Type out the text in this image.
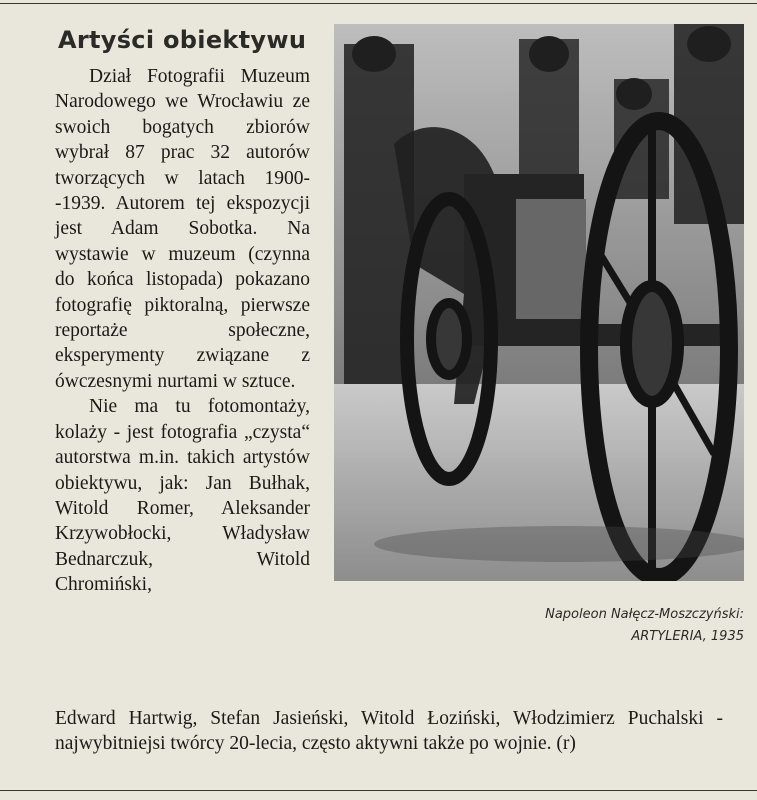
Artyści obiektywu

Dział Fotografii Muzeum Narodowego we Wrocławiu ze swoich bogatych zbiorów wybrał 87 prac 32 autorów tworzących w latach 1900--1939. Autorem tej ekspozycji jest Adam Sobotka. Na wystawie w muzeum (czynna do końca listopada) pokazano fotografię piktoralną, pierwsze reportaże społeczne, eksperymenty związane z ówczesnymi nurtami w sztuce.

Nie ma tu fotomontaży, kolaży - jest fotografia „czysta“ autorstwa m.in. takich artystów obiektywu, jak: Jan Bułhak, Witold Romer, Aleksander Krzywobłocki, Władysław Bednarczuk, Witold Chromiński,

Edward Hartwig, Stefan Jasieński, Witold Łoziński, Włodzimierz Puchalski - najwybitniejsi twórcy 20-lecia, często aktywni także po wojnie. (r)
Napoleon Nałęcz-Moszczyński:
ARTYLERIA, 1935
